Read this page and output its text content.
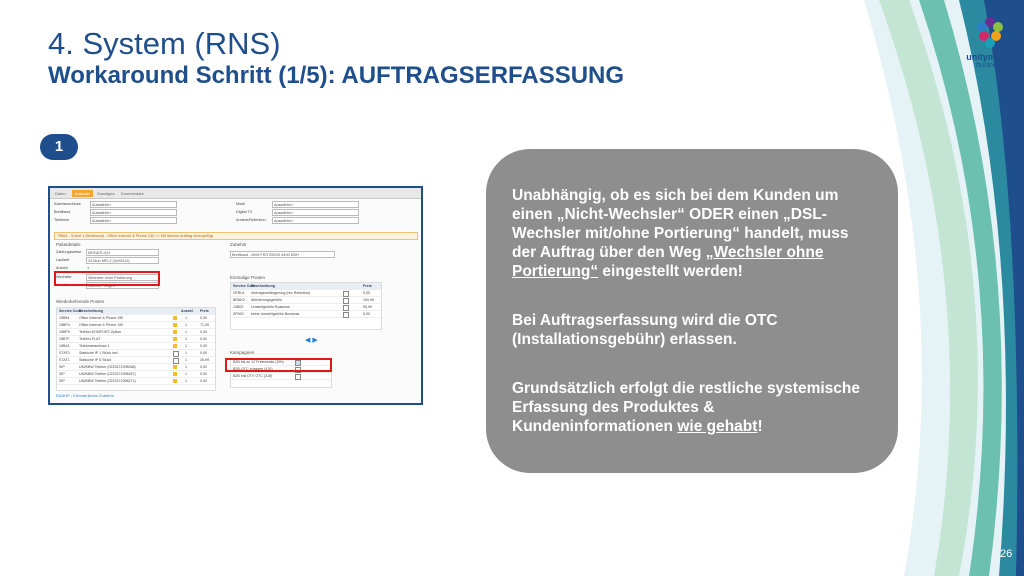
unitymedia
business
4. System (RNS)
Workaround Schritt (1/5): AUFTRAGSERFASSUNG
1
Daten	Auswahl	Sonstiges	Kommentare
Kabelanschluss	Auswählen
Breitband	Auswählen
Telefonie	Auswählen
Mobil	Auswählen
Digital TV	Auswählen
Andere/Retention	Auswählen
75864 - Sofort 1 (Breitband) - Office Internet & Phone 150 => Mit diesem Auftrag hinzugefügt
Paketdetails
Zahlungsweise	MONATLICH
Laufzeit	24 Mon MFL2 (3x00012)
Anzahl	1
Wechsler	Wechsler ohne Portierung
Anschlussart	Nummer Liegen
Zubehör
Breitband - AVM FRITZ!BOX 6490 KBH
Einmalige Posten
Service Code
Beschreibung	Preis
VERL6 Vertragsverlängerung (nur Retention)	0,00
BRAK2 Aktivierungsgebühr	109,99
15B00 Umstellgebühr Business	59,99
ZP000 keine Umstellgebühr Business	0,00
◀ ▶
Wiederkehrende Posten
Service Code
Beschreibung	Anzahl Preis
15B64	Office Internet & Phone 150	1	0,00
15BP4	Office Internet & Phone 150	1	71,39
15BPV Telefon-KOMFORT-Option	1	0,00
15B7F	Telefon-FLAT	1	0,00
15BA1	Telefonanschluss 1	1	0,00
STAT0	Statische IP 1 Stück incl.	1	0,00
STAT1	Statische IP 5 Stück	1	35,99
SIP	UM/KBW Telefon (0223271998268)	1	0,00
SIP	UM/KBW Telefon (0223271998267)	1	0,00
SIP	UM/KBW Telefon (0223271998271)	1	0,00
Kampagnen
B2B bis zu 12 Freimonate (390)
B2B-OTC erlassen (476)
B2B inkl DTV OTC (318)
EDAHP - Erforderliches Zubehör

Unabhängig, ob es sich bei dem Kunden um einen „Nicht-Wechsler“ ODER einen „DSL-Wechsler mit/ohne Portierung“ handelt, muss der Auftrag über den Weg „Wechsler ohne Portierung“ eingestellt werden!

Bei Auftragserfassung wird die OTC (Installationsgebühr) erlassen.

Grundsätzlich erfolgt die restliche systemische Erfassung des Produktes & Kundeninformationen wie gehabt!

26
